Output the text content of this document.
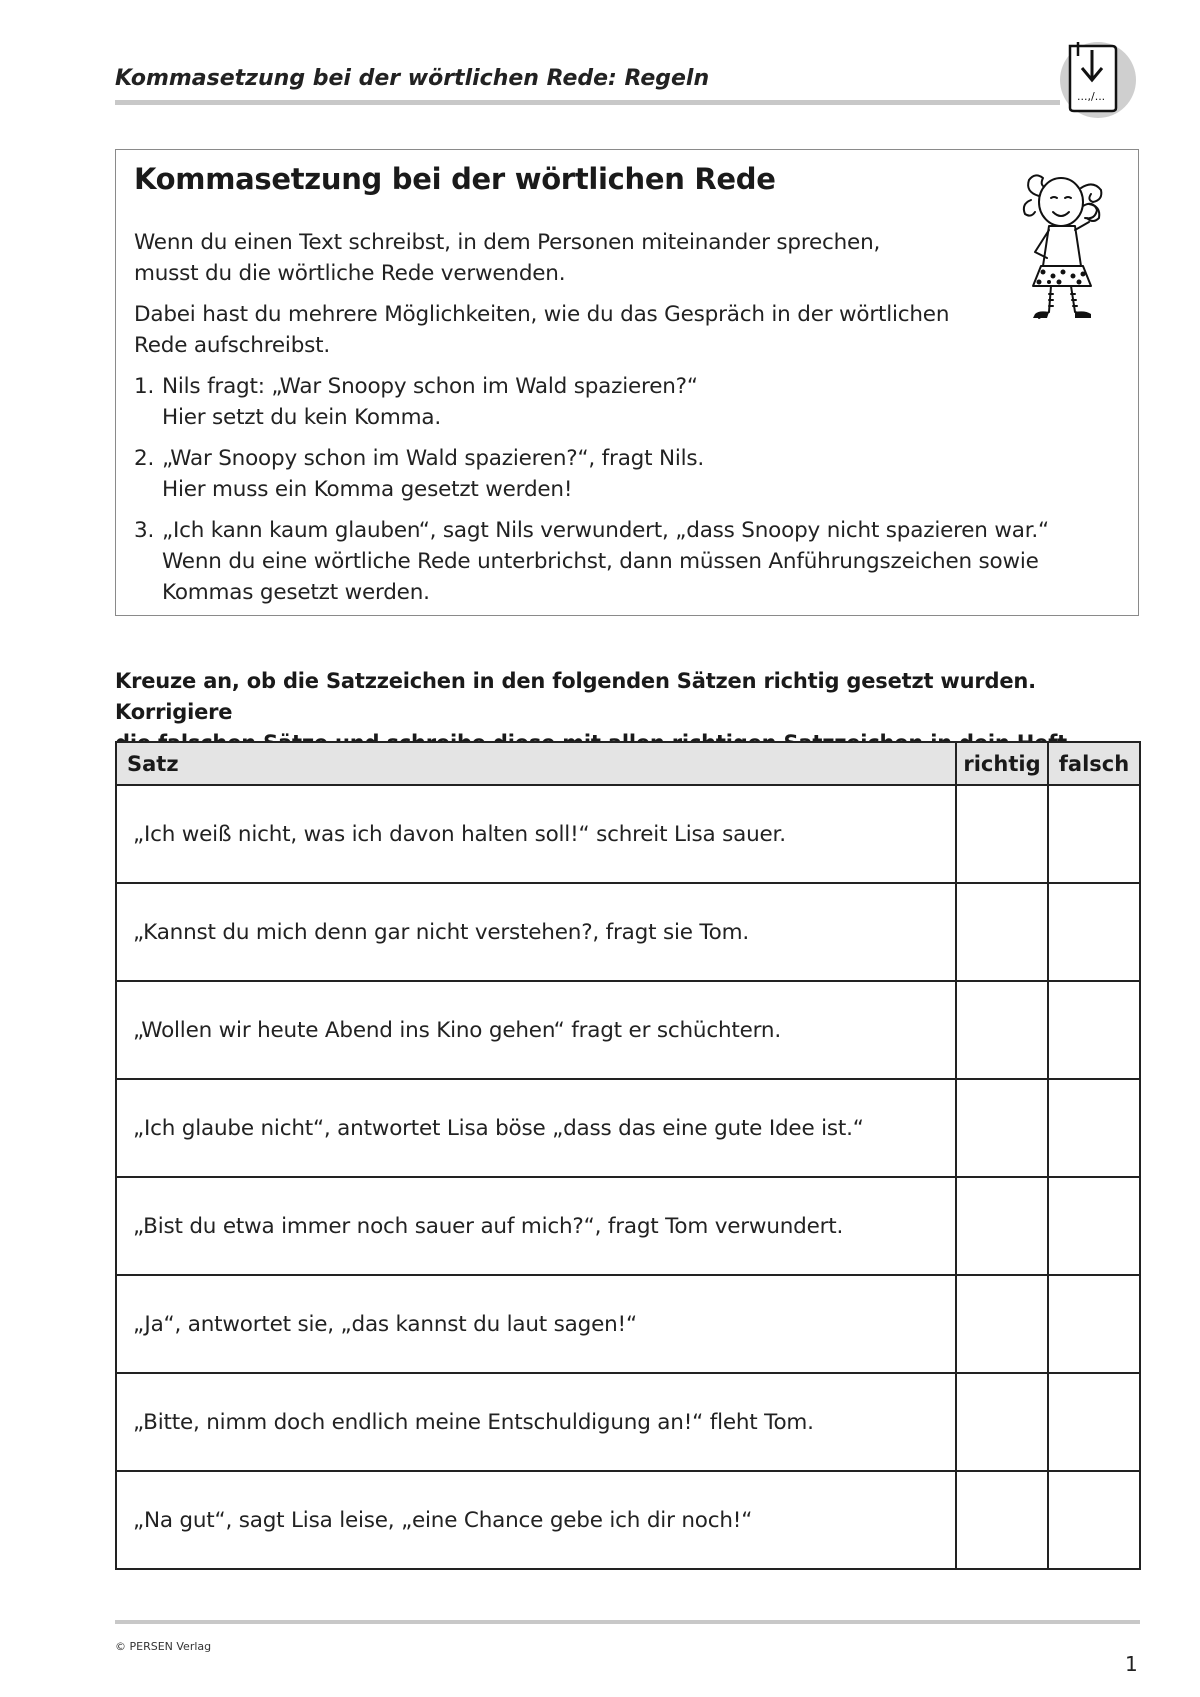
Kommasetzung bei der wörtlichen Rede: Regeln
...,/...
Kommasetzung bei der wörtlichen Rede
Wenn du einen Text schreibst, in dem Personen miteinander sprechen,
musst du die wörtliche Rede verwenden.
Dabei hast du mehrere Möglichkeiten, wie du das Gespräch in der wörtlichen
Rede aufschreibst.
1. Nils fragt: „War Snoopy schon im Wald spazieren?“
Hier setzt du kein Komma.
2. „War Snoopy schon im Wald spazieren?“, fragt Nils.
Hier muss ein Komma gesetzt werden!
3. „Ich kann kaum glauben“, sagt Nils verwundert, „dass Snoopy nicht spazieren war.“
Wenn du eine wörtliche Rede unterbrichst, dann müssen Anführungszeichen sowie
Kommas gesetzt werden.
Kreuze an, ob die Satzzeichen in den folgenden Sätzen richtig gesetzt wurden. Korrigiere
Satz	richtig	falsch
„Ich weiß nicht, was ich davon halten soll!“ schreit Lisa sauer.		
„Kannst du mich denn gar nicht verstehen?, fragt sie Tom.		
„Wollen wir heute Abend ins Kino gehen“ fragt er schüchtern.		
„Ich glaube nicht“, antwortet Lisa böse „dass das eine gute Idee ist.“		
„Bist du etwa immer noch sauer auf mich?“, fragt Tom verwundert.		
„Ja“, antwortet sie, „das kannst du laut sagen!“		
„Bitte, nimm doch endlich meine Entschuldigung an!“ fleht Tom.		
„Na gut“, sagt Lisa leise, „eine Chance gebe ich dir noch!“		
© PERSEN Verlag
1
